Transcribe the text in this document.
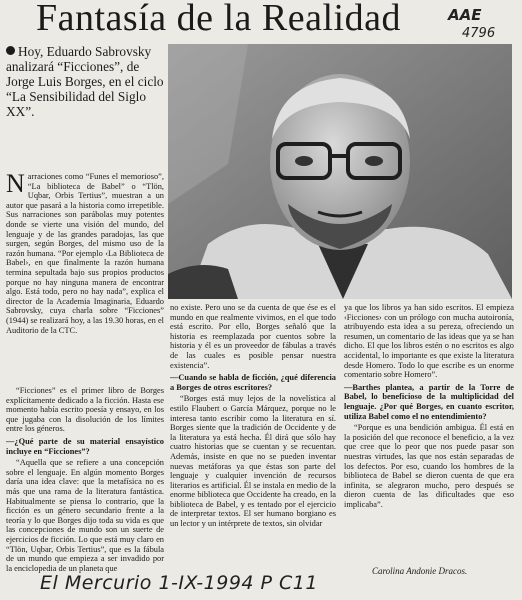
Fantasía de la Realidad	AAE
4796
Hoy, Eduardo Sabrovsky analizará “Ficciones”, de Jorge Luis Borges, en el ciclo “La Sensibilidad del Siglo XX”.

Narraciones como “Funes el memorioso”, “La biblioteca de Babel” o “Tlön, Uqbar, Orbis Tertius”, muestran a un autor que pasará a la historia como irrepetible. Sus narraciones son parábolas muy potentes donde se vierte una visión del mundo, del lenguaje y de las grandes paradojas, las que surgen, según Borges, del mismo uso de la razón humana. “Por ejemplo ‹La Biblioteca de Babel›, en que finalmente la razón humana termina sepultada bajo sus propios productos porque no hay ninguna manera de encontrar algo. Está todo, pero no hay nada”, explica el director de la Academia Imaginaria, Eduardo Sabrovsky, cuya charla sobre “Ficciones” (1944) se realizará hoy, a las 19.30 horas, en el Auditorio de la CTC.

“Ficciones” es el primer libro de Borges explícitamente dedicado a la ficción. Hasta ese momento había escrito poesía y ensayo, en los que jugaba con la disolución de los límites entre los géneros.

—¿Qué parte de su material ensayístico incluye en “Ficciones”?

“Aquella que se refiere a una concepción sobre el lenguaje. En algún momento Borges daría una idea clave: que la metafísica no es más que una rama de la literatura fantástica. Habitualmente se piensa lo contrario, que la ficción es un género secundario frente a la teoría y lo que Borges dijo toda su vida es que las concepciones de mundo son un suerte de ejercicios de ficción. Lo que está muy claro en “Tlön, Uqbar, Orbis Tertius”, que es la fábula de un mundo que empieza a ser invadido por la enciclopedia de un planeta que

no existe. Pero uno se da cuenta de que ése es el mundo en que realmente vivimos, en el que todo está escrito. Por ello, Borges señaló que la historia es reemplazada por cuentos sobre la historia y él es un proveedor de fábulas a través de las cuales es posible pensar nuestra existencia”.

—Cuando se habla de ficción, ¿qué diferencia a Borges de otros escritores?

“Borges está muy lejos de la novelística al estilo Flaubert o García Márquez, porque no le interesa tanto escribir como la literatura en sí. Borges siente que la tradición de Occidente y de la literatura ya está hecha. Él dirá que sólo hay cuatro historias que se cuentan y se recuentan. Además, insiste en que no se pueden inventar nuevas metáforas ya que éstas son parte del lenguaje y cualquier invención de recursos literarios es artificial. Él se instala en medio de la enorme biblioteca que Occidente ha creado, en la biblioteca de Babel, y es tentado por el ejercicio de interpretar textos. El ser humano borgiano es un lector y un intérprete de textos, sin olvidar

ya que los libros ya han sido escritos. El empieza ‹Ficciones› con un prólogo con mucha autoironía, atribuyendo esta idea a su pereza, ofreciendo un resumen, un comentario de las ideas que ya se han dicho. El que los libros estén o no escritos es algo accidental, lo importante es que existe la literatura desde Homero. Todo lo que escribe es un enorme comentario sobre Homero”.

—Barthes plantea, a partir de la Torre de Babel, lo beneficioso de la multiplicidad del lenguaje. ¿Por qué Borges, en cuanto escritor, utiliza Babel como el no entendimiento?

“Porque es una bendición ambigua. Él está en la posición del que reconoce el beneficio, a la vez que cree que lo peor que nos puede pasar son nuestras virtudes, las que nos están separadas de los defectos. Por eso, cuando los hombres de la biblioteca de Babel se dieron cuenta de que era infinita, se alegraron mucho, pero después se dieron cuenta de las dificultades que eso implicaba”.

Carolina Andonie Dracos.
El Mercurio 1-IX-1994 P C11
